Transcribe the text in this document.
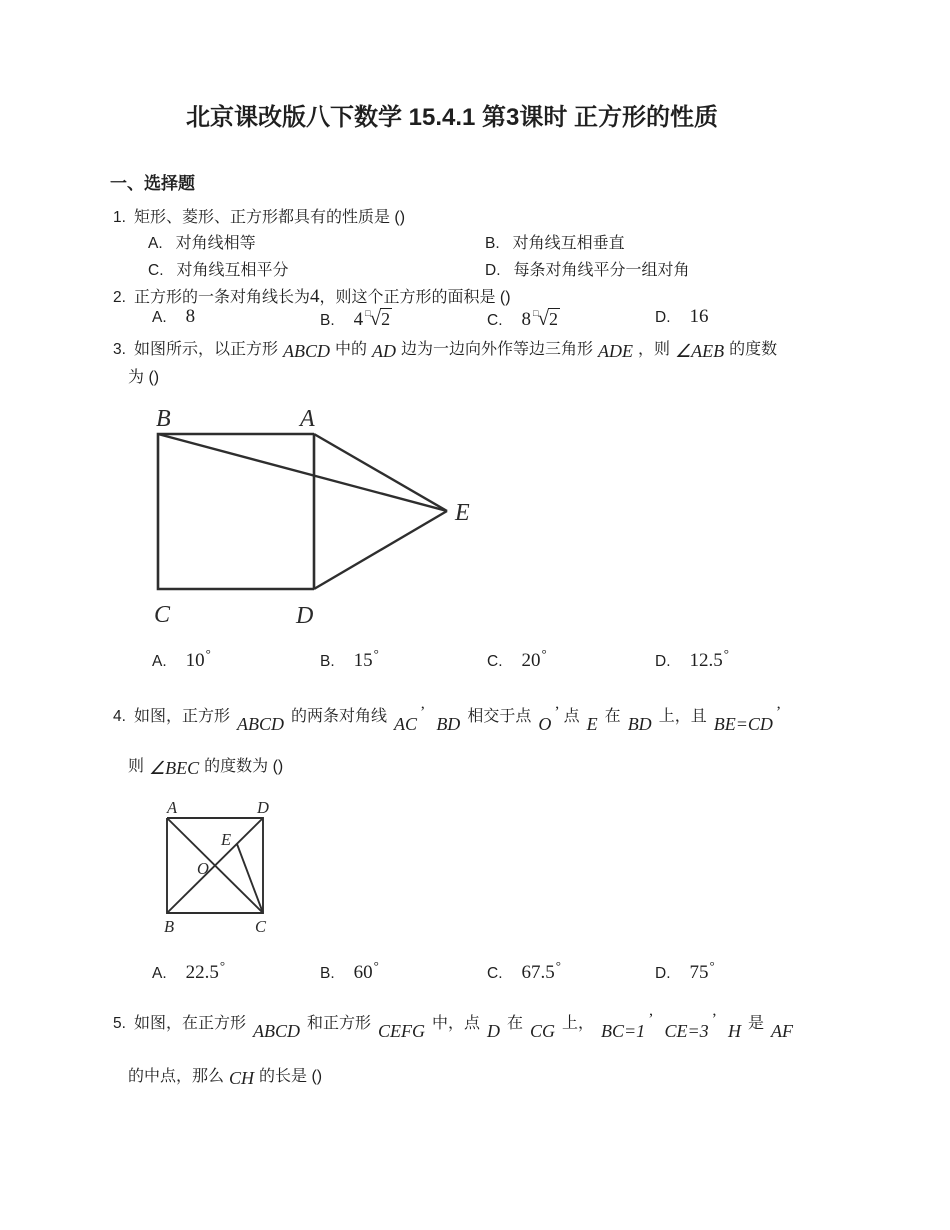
北京课改版八下数学 15.4.1 第3课时 正方形的性质
一、选择题
1. 矩形、菱形、正方形都具有的性质是 ()
A. 对角线相等	B. 对角线互相垂直
C. 对角线互相平分	D. 每条对角线平分一组对角
2. 正方形的一条对角线长为4，则这个正方形的面积是 ()
A. 8	B. 4 □√2	C. 8 □√2	D. 16
3. 如图所示，以正方形 ABCD 中的 AD 边为一边向外作等边三角形 ADE ，则 ∠AEB 的度数
为 ()
B	A
C	D
E
A. 10°	B. 15°	C. 20°	D. 12.5°
4. 如图，正方形 ABCD 的两条对角线 AC’BD 相交于点 O’ 点 E 在 BD 上，且 BE=CD’
则 ∠BEC 的度数为 ()
A	D
B	C
E
O
A. 22.5°	B. 60°	C. 67.5°	D. 75°
5. 如图，在正方形 ABCD 和正方形 CEFG 中，点 D 在 CG 上， BC=1’CE=3’H 是 AF
的中点，那么 CH 的长是 ()
